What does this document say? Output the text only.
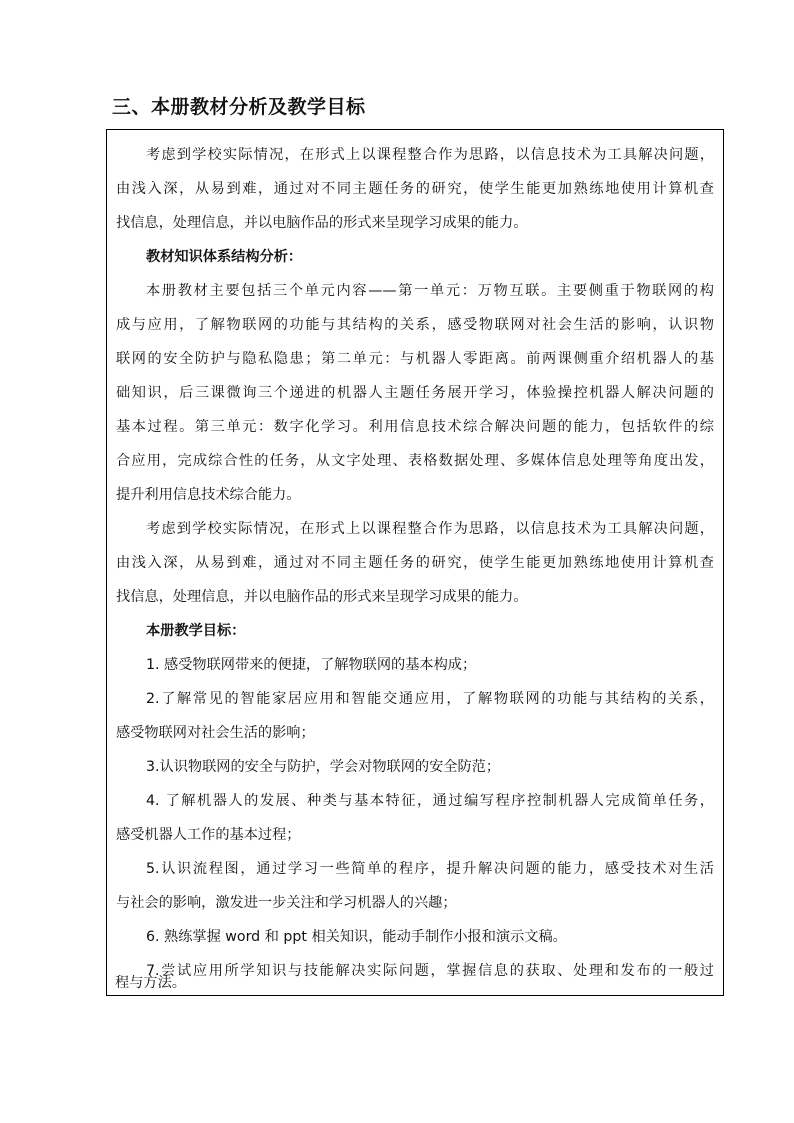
三、本册教材分析及教学目标
考虑到学校实际情况，在形式上以课程整合作为思路，以信息技术为工具解决问题，
由浅入深，从易到难，通过对不同主题任务的研究，使学生能更加熟练地使用计算机查
找信息，处理信息，并以电脑作品的形式来呈现学习成果的能力。
教材知识体系结构分析：
本册教材主要包括三个单元内容——第一单元：万物互联。主要侧重于物联网的构
成与应用，了解物联网的功能与其结构的关系，感受物联网对社会生活的影响，认识物
联网的安全防护与隐私隐患；第二单元：与机器人零距离。前两课侧重介绍机器人的基
础知识，后三课微询三个递进的机器人主题任务展开学习，体验操控机器人解决问题的
基本过程。第三单元：数字化学习。利用信息技术综合解决问题的能力，包括软件的综
合应用，完成综合性的任务，从文字处理、表格数据处理、多媒体信息处理等角度出发，
提升利用信息技术综合能力。
考虑到学校实际情况，在形式上以课程整合作为思路，以信息技术为工具解决问题，
由浅入深，从易到难，通过对不同主题任务的研究，使学生能更加熟练地使用计算机查
找信息，处理信息，并以电脑作品的形式来呈现学习成果的能力。
本册教学目标：
1. 感受物联网带来的便捷，了解物联网的基本构成；
2.了解常见的智能家居应用和智能交通应用，了解物联网的功能与其结构的关系，
感受物联网对社会生活的影响；
3.认识物联网的安全与防护，学会对物联网的安全防范；
4. 了解机器人的发展、种类与基本特征，通过编写程序控制机器人完成简单任务，
感受机器人工作的基本过程；
5.认识流程图，通过学习一些简单的程序，提升解决问题的能力，感受技术对生活
与社会的影响，激发进一步关注和学习机器人的兴趣；
6. 熟练掌握 word 和 ppt 相关知识，能动手制作小报和演示文稿。
7.尝试应用所学知识与技能解决实际问题，掌握信息的获取、处理和发布的一般过
程与方法。
